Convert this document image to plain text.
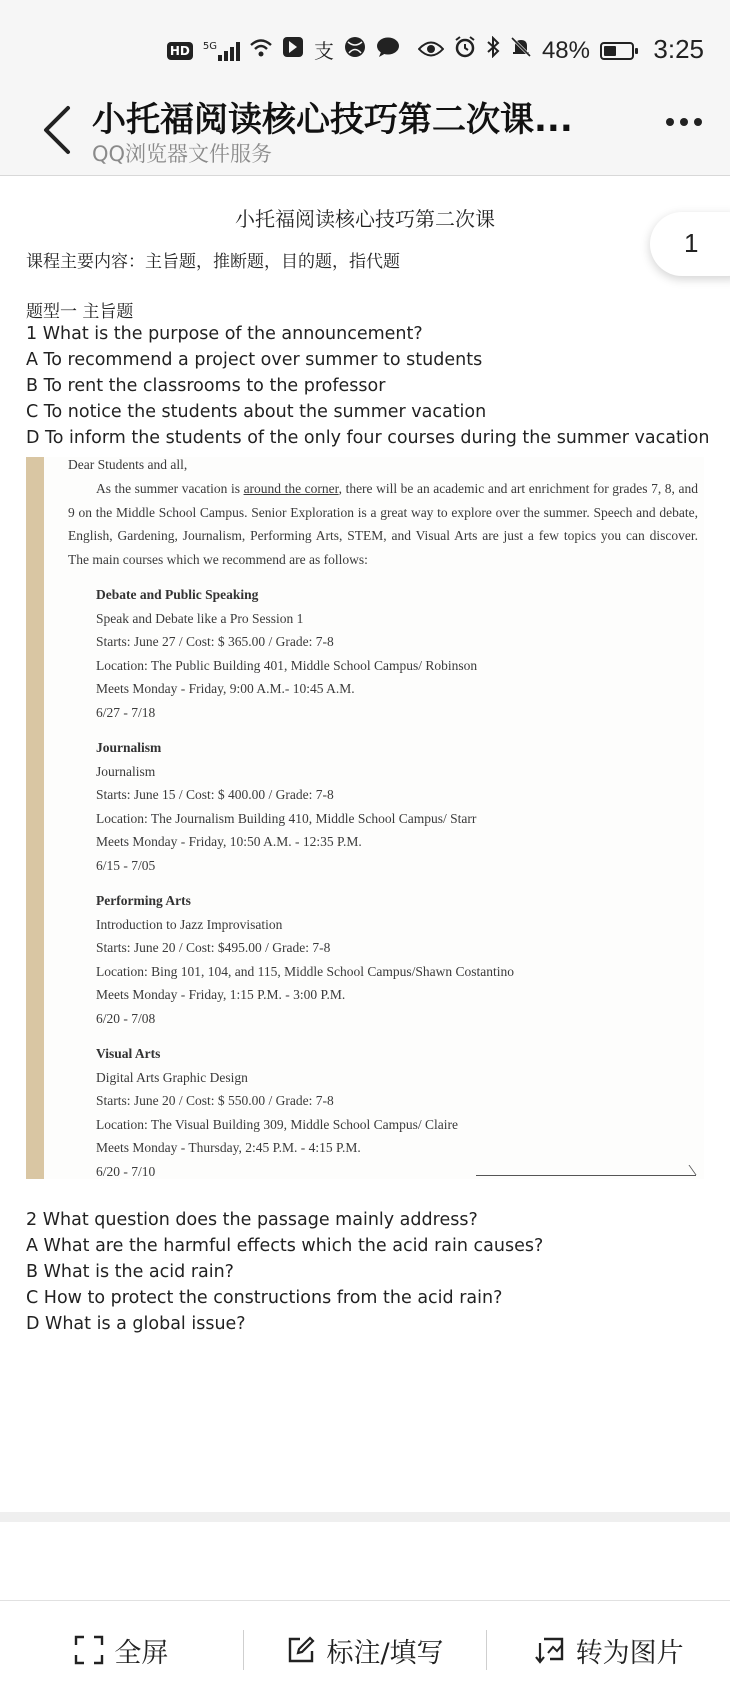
HD	5G	支	48% 3:25
小托福阅读核心技巧第二次课...
QQ浏览器文件服务
小托福阅读核心技巧第二次课
课程主要内容：主旨题，推断题，目的题，指代题
题型一 主旨题
1 What is the purpose of the announcement?
A To recommend a project over summer to students
B To rent the classrooms to the professor
C To notice the students about the summer vacation
D To inform the students of the only four courses during the summer vacation
1
Dear Students and all,
As the summer vacation is around the corner, there will be an academic and art enrichment for grades 7, 8, and 9 on the Middle School Campus. Senior Exploration is a great way to explore over the summer. Speech and debate, English, Gardening, Journalism, Performing Arts, STEM, and Visual Arts are just a few topics you can discover. The main courses which we recommend are as follows:
Debate and Public Speaking
Speak and Debate like a Pro Session 1
Starts: June 27 / Cost: $ 365.00 / Grade: 7-8
Location: The Public Building 401, Middle School Campus/ Robinson
Meets Monday - Friday, 9:00 A.M.- 10:45 A.M.
6/27 - 7/18
Journalism
Journalism
Starts: June 15 / Cost: $ 400.00 / Grade: 7-8
Location: The Journalism Building 410, Middle School Campus/ Starr
Meets Monday - Friday, 10:50 A.M. - 12:35 P.M.
6/15 - 7/05
Performing Arts
Introduction to Jazz Improvisation
Starts: June 20 / Cost: $495.00 / Grade: 7-8
Location: Bing 101, 104, and 115, Middle School Campus/Shawn Costantino
Meets Monday - Friday, 1:15 P.M. - 3:00 P.M.
6/20 - 7/08
Visual Arts
Digital Arts Graphic Design
Starts: June 20 / Cost: $ 550.00 / Grade: 7-8
Location: The Visual Building 309, Middle School Campus/ Claire
Meets Monday - Thursday, 2:45 P.M. - 4:15 P.M.
6/20 - 7/10
2 What question does the passage mainly address?
A What are the harmful effects which the acid rain causes?
B What is the acid rain?
C How to protect the constructions from the acid rain?
D What is a global issue?
全屏	标注/填写	转为图片
